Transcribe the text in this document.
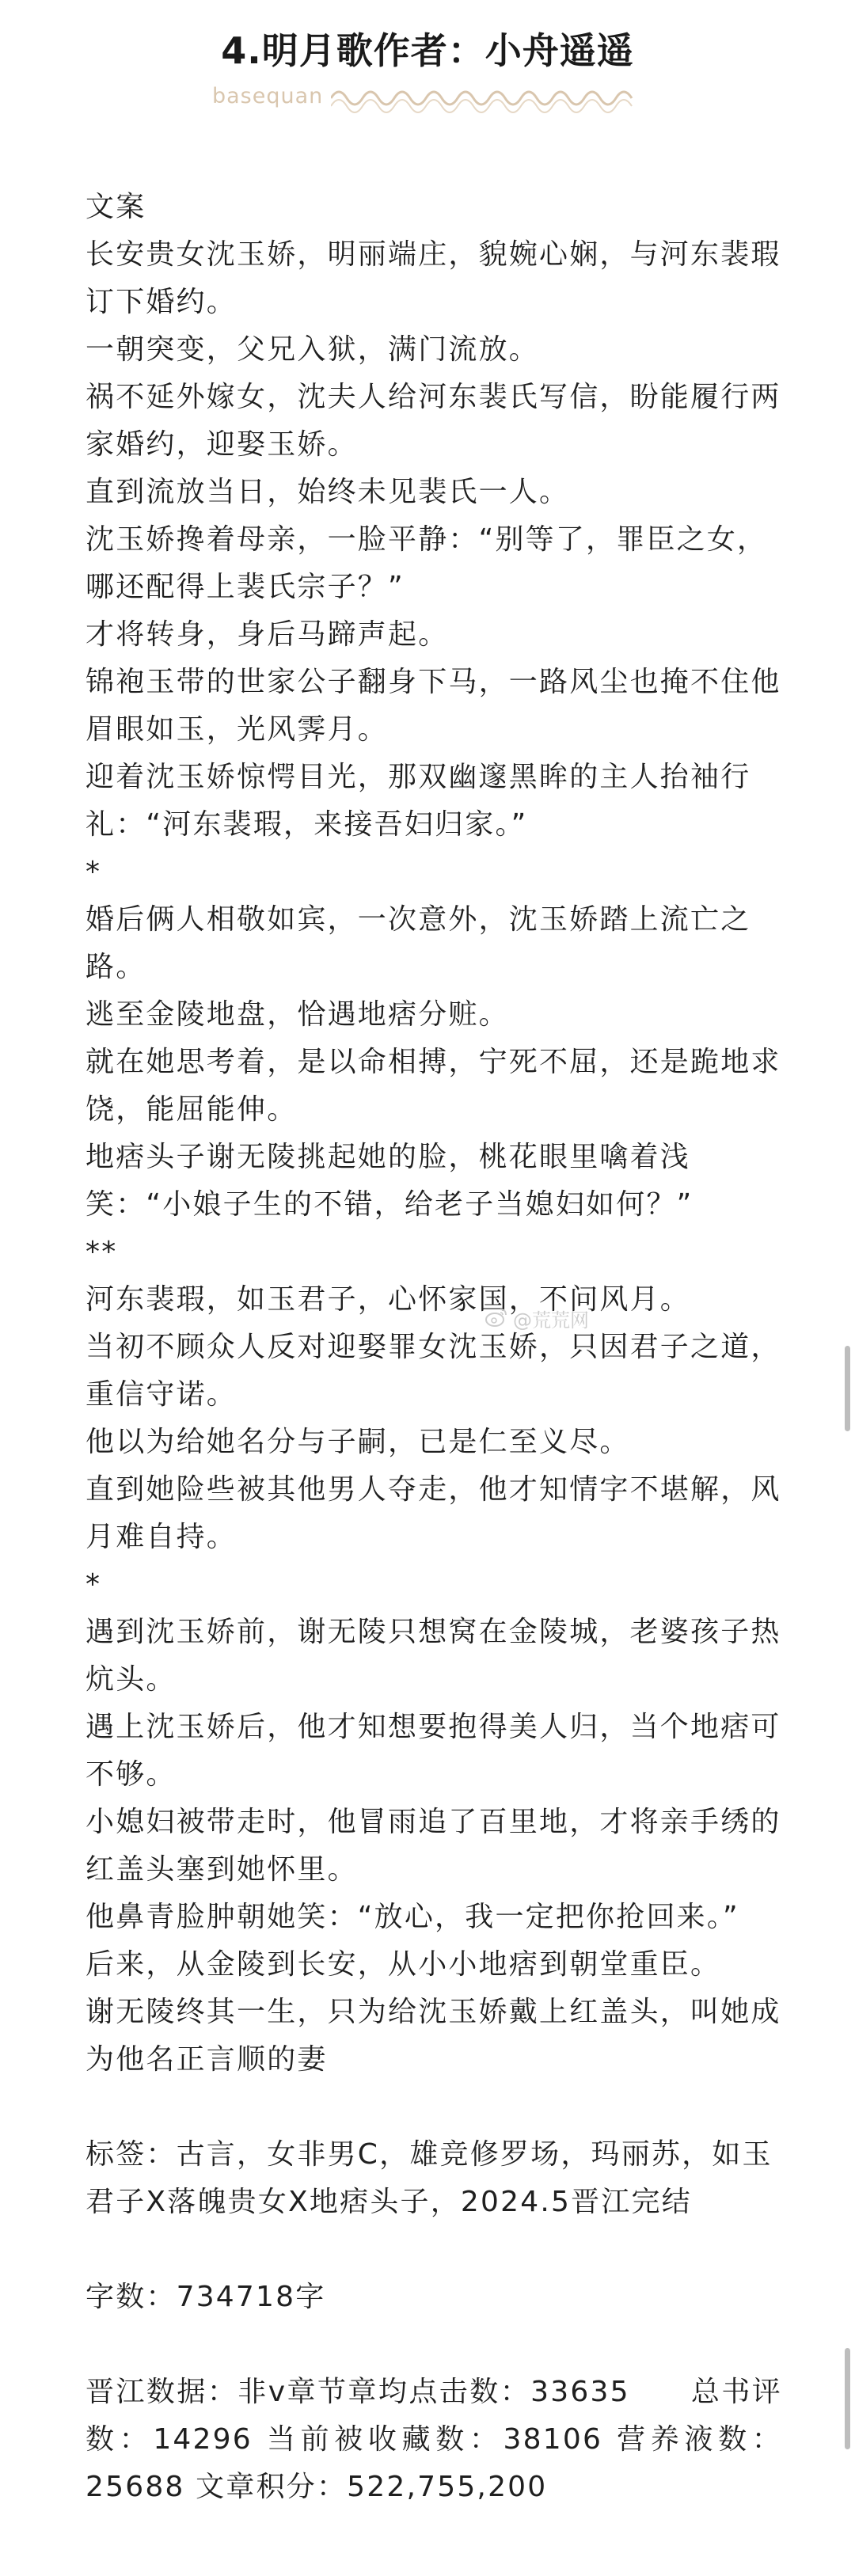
4.明月歌作者：小舟遥遥
basequan

文案

长安贵女沈玉娇，明丽端庄，貌婉心娴，与河东裴瑕订下婚约。

一朝突变，父兄入狱，满门流放。

祸不延外嫁女，沈夫人给河东裴氏写信，盼能履行两家婚约，迎娶玉娇。

直到流放当日，始终未见裴氏一人。

沈玉娇搀着母亲，一脸平静：“别等了，罪臣之女，哪还配得上裴氏宗子？”

才将转身，身后马蹄声起。

锦袍玉带的世家公子翻身下马，一路风尘也掩不住他眉眼如玉，光风霁月。

迎着沈玉娇惊愕目光，那双幽邃黑眸的主人抬袖行礼：“河东裴瑕，来接吾妇归家。”

*

婚后俩人相敬如宾，一次意外，沈玉娇踏上流亡之路。

逃至金陵地盘，恰遇地痞分赃。

就在她思考着，是以命相搏，宁死不屈，还是跪地求饶，能屈能伸。

地痞头子谢无陵挑起她的脸，桃花眼里噙着浅笑：“小娘子生的不错，给老子当媳妇如何？”

**

河东裴瑕，如玉君子，心怀家国，不问风月。

当初不顾众人反对迎娶罪女沈玉娇，只因君子之道，重信守诺。

他以为给她名分与子嗣，已是仁至义尽。

直到她险些被其他男人夺走，他才知情字不堪解，风月难自持。

*

遇到沈玉娇前，谢无陵只想窝在金陵城，老婆孩子热炕头。

遇上沈玉娇后，他才知想要抱得美人归，当个地痞可不够。

小媳妇被带走时，他冒雨追了百里地，才将亲手绣的红盖头塞到她怀里。

他鼻青脸肿朝她笑：“放心，我一定把你抢回来。”

后来，从金陵到长安，从小小地痞到朝堂重臣。

谢无陵终其一生，只为给沈玉娇戴上红盖头，叫她成为他名正言顺的妻

标签：古言，女非男C，雄竞修罗场，玛丽苏，如玉君子X落魄贵女X地痞头子，2024.5晋江完结

字数：734718字

晋江数据：非v章节章均点击数：33635　　总书评数：14296 当前被收藏数：38106 营养液数：25688 文章积分：522,755,200

@荒荒网
